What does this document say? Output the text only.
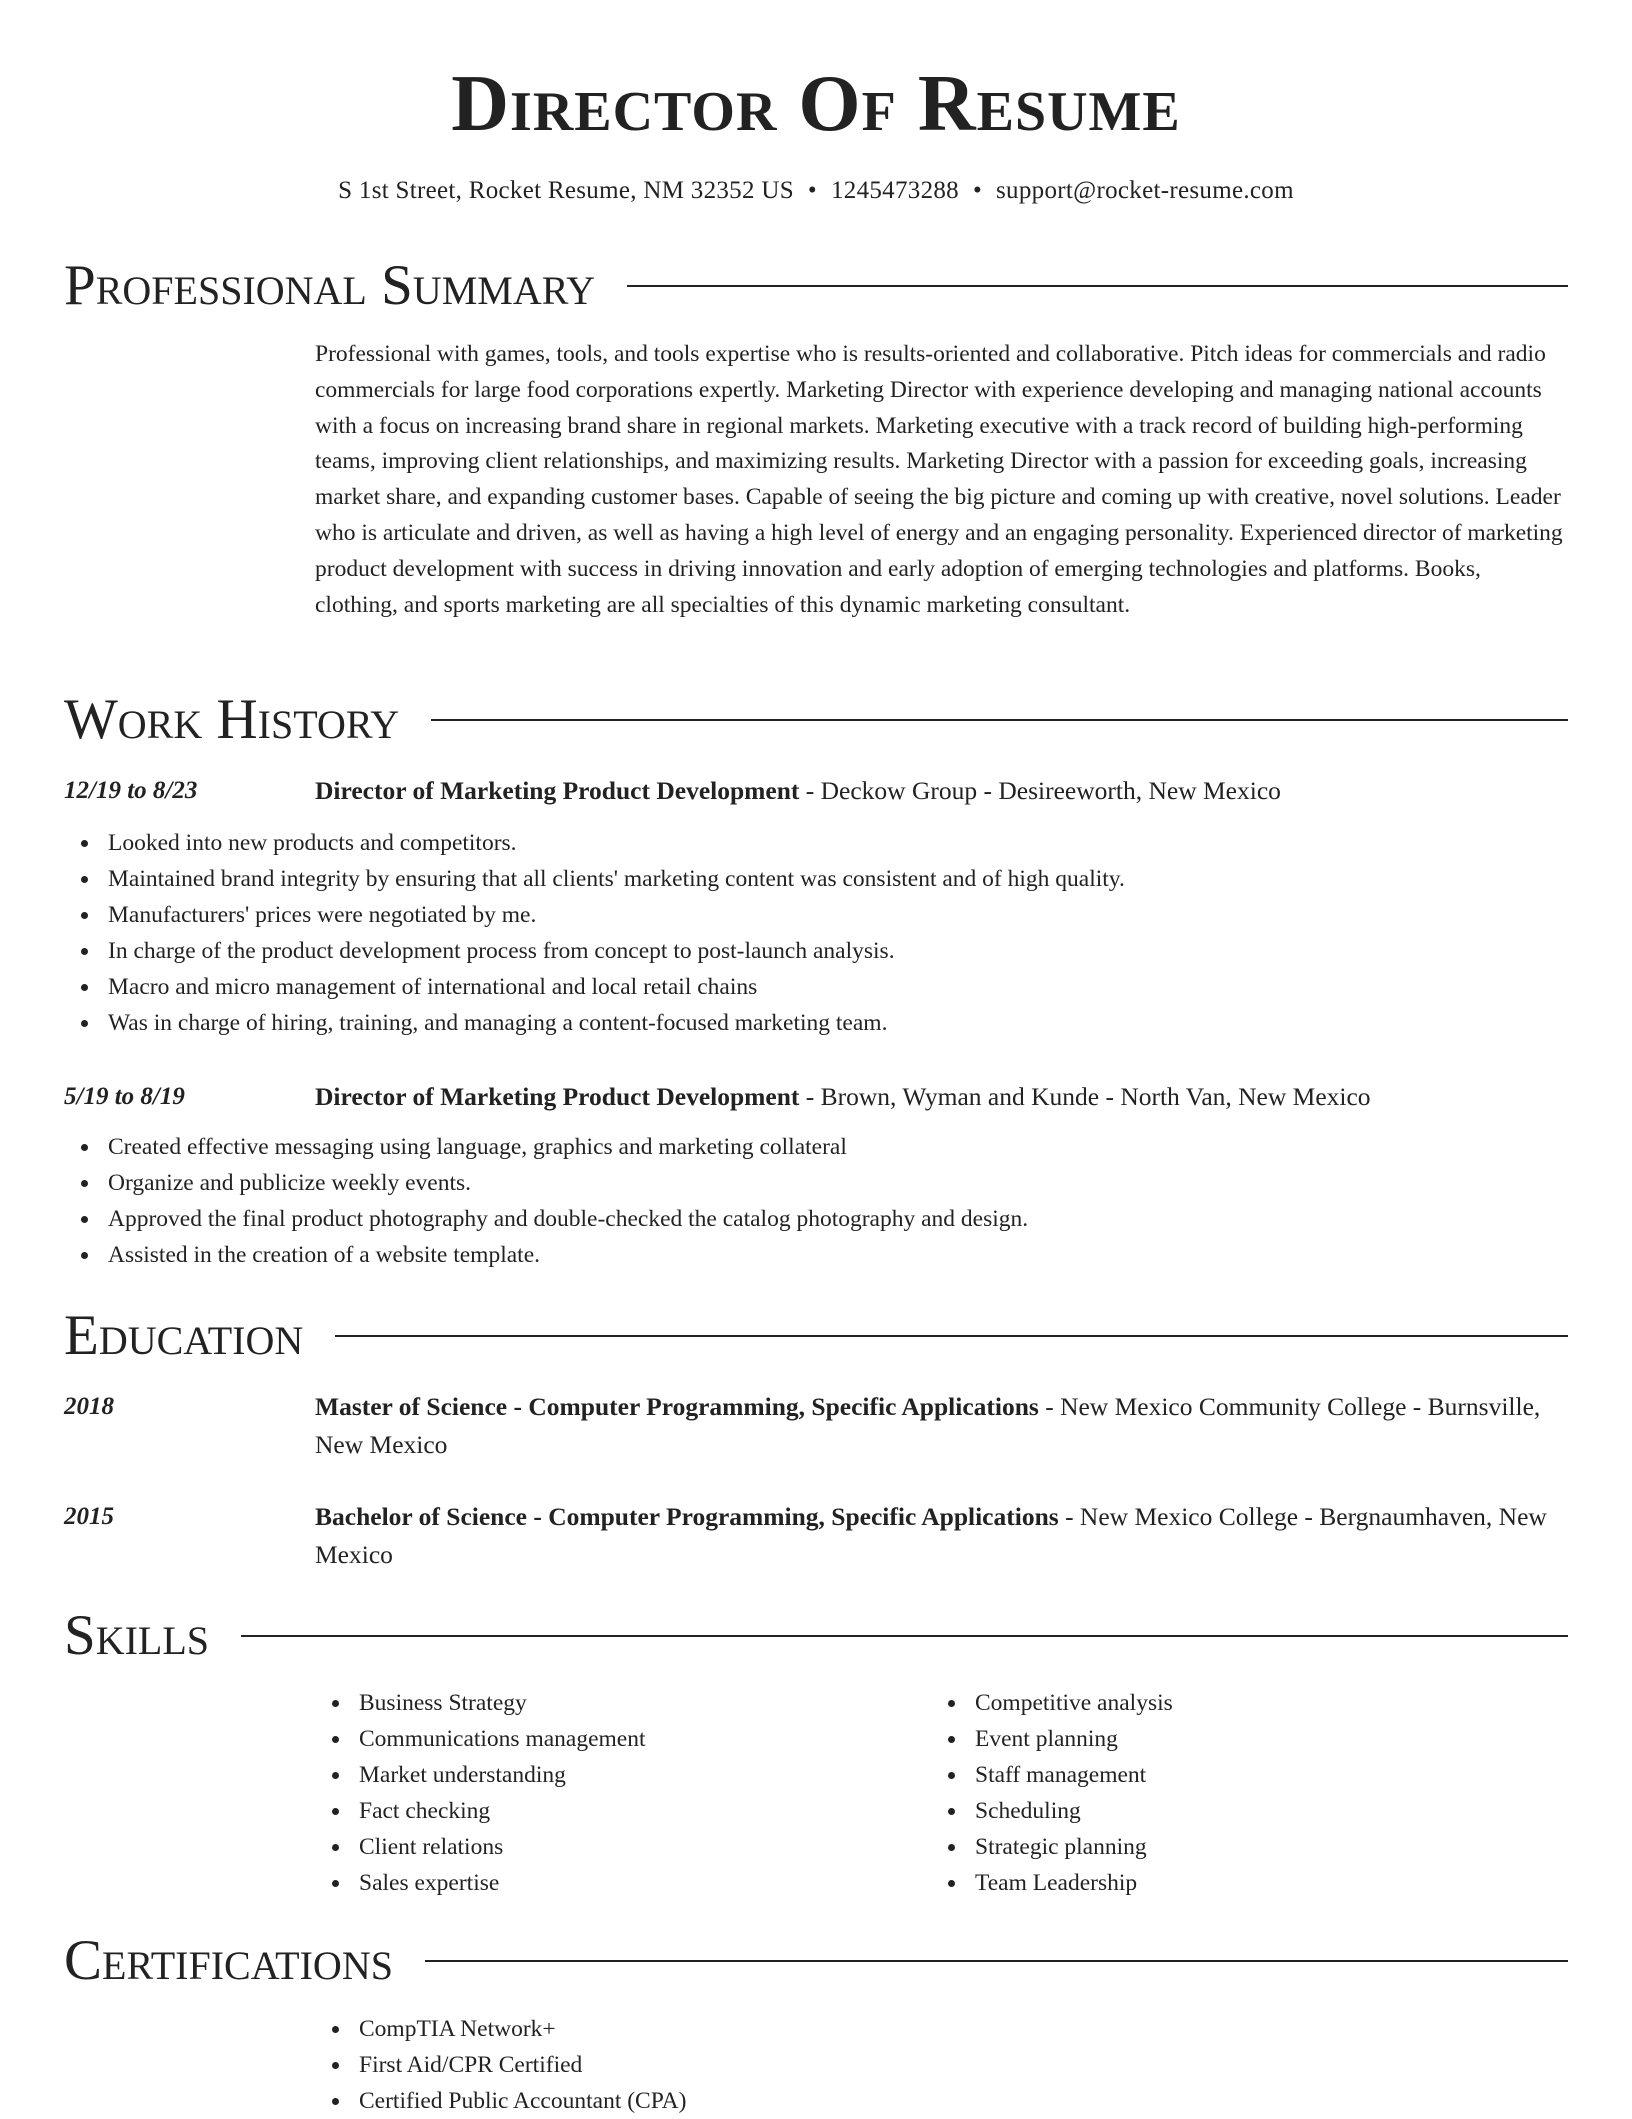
Director Of Resume
S 1st Street, Rocket Resume, NM 32352 US • 1245473288 • support@rocket-resume.com
Professional Summary
Professional with games, tools, and tools expertise who is results-oriented and collaborative. Pitch ideas for commercials and radio commercials for large food corporations expertly. Marketing Director with experience developing and managing national accounts with a focus on increasing brand share in regional markets. Marketing executive with a track record of building high-performing teams, improving client relationships, and maximizing results. Marketing Director with a passion for exceeding goals, increasing market share, and expanding customer bases. Capable of seeing the big picture and coming up with creative, novel solutions. Leader who is articulate and driven, as well as having a high level of energy and an engaging personality. Experienced director of marketing product development with success in driving innovation and early adoption of emerging technologies and platforms. Books, clothing, and sports marketing are all specialties of this dynamic marketing consultant.
Work History
12/19 to 8/23	Director of Marketing Product Development - Deckow Group - Desireeworth, New Mexico
Looked into new products and competitors.
Maintained brand integrity by ensuring that all clients' marketing content was consistent and of high quality.
Manufacturers' prices were negotiated by me.
In charge of the product development process from concept to post-launch analysis.
Macro and micro management of international and local retail chains
Was in charge of hiring, training, and managing a content-focused marketing team.
5/19 to 8/19	Director of Marketing Product Development - Brown, Wyman and Kunde - North Van, New Mexico
Created effective messaging using language, graphics and marketing collateral
Organize and publicize weekly events.
Approved the final product photography and double-checked the catalog photography and design.
Assisted in the creation of a website template.
Education
2018	Master of Science - Computer Programming, Specific Applications - New Mexico Community College - Burnsville, New Mexico
2015	Bachelor of Science - Computer Programming, Specific Applications - New Mexico College - Bergnaumhaven, New Mexico
Skills
Business Strategy
Communications management
Market understanding
Fact checking
Client relations
Sales expertise
Competitive analysis
Event planning
Staff management
Scheduling
Strategic planning
Team Leadership
Certifications
CompTIA Network+
First Aid/CPR Certified
Certified Public Accountant (CPA)
